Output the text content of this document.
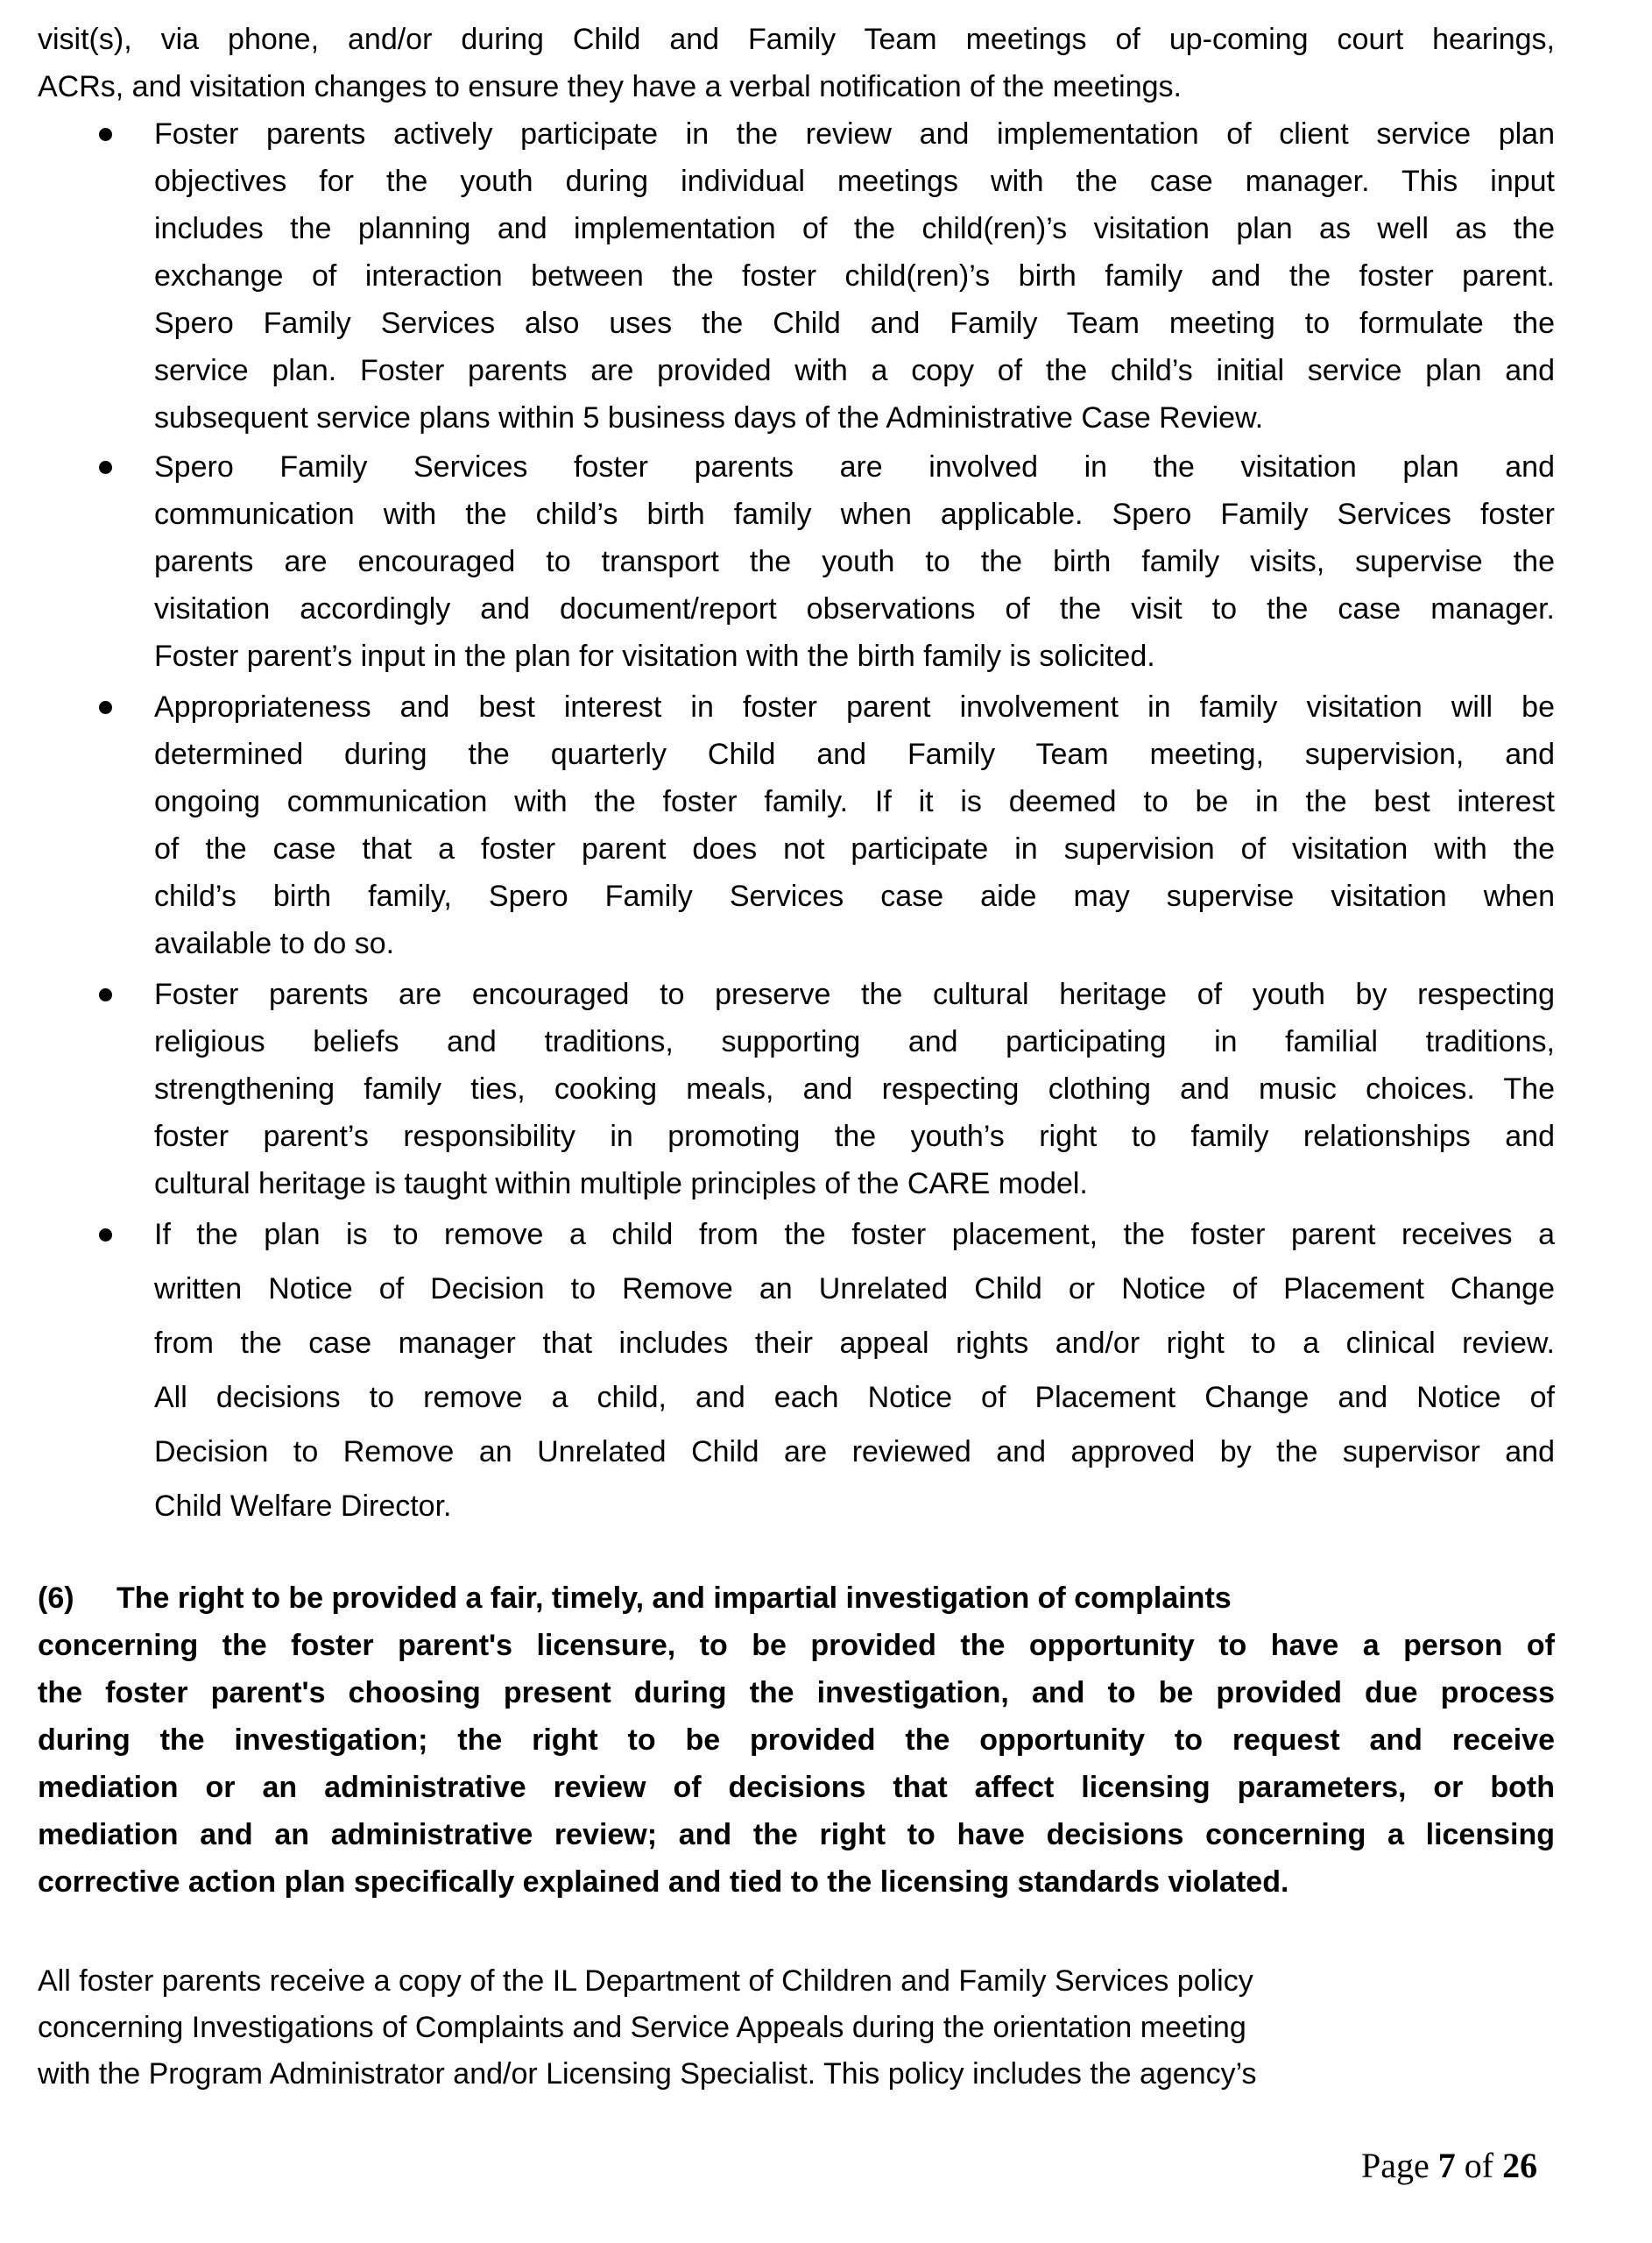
visit(s), via phone, and/or during Child and Family Team meetings of up-coming court hearings,
ACRs, and visitation changes to ensure they have a verbal notification of the meetings.
Foster parents actively participate in the review and implementation of client service plan
objectives for the youth during individual meetings with the case manager. This input
includes the planning and implementation of the child(ren)’s visitation plan as well as the
exchange of interaction between the foster child(ren)’s birth family and the foster parent.
Spero Family Services also uses the Child and Family Team meeting to formulate the
service plan. Foster parents are provided with a copy of the child’s initial service plan and
subsequent service plans within 5 business days of the Administrative Case Review.
Spero Family Services foster parents are involved in the visitation plan and
communication with the child’s birth family when applicable. Spero Family Services foster
parents are encouraged to transport the youth to the birth family visits, supervise the
visitation accordingly and document/report observations of the visit to the case manager.
Foster parent’s input in the plan for visitation with the birth family is solicited.
Appropriateness and best interest in foster parent involvement in family visitation will be
determined during the quarterly Child and Family Team meeting, supervision, and
ongoing communication with the foster family. If it is deemed to be in the best interest
of the case that a foster parent does not participate in supervision of visitation with the
child’s birth family, Spero Family Services case aide may supervise visitation when
available to do so.
Foster parents are encouraged to preserve the cultural heritage of youth by respecting
religious beliefs and traditions, supporting and participating in familial traditions,
strengthening family ties, cooking meals, and respecting clothing and music choices. The
foster parent’s responsibility in promoting the youth’s right to family relationships and
cultural heritage is taught within multiple principles of the CARE model.
If the plan is to remove a child from the foster placement, the foster parent receives a
written Notice of Decision to Remove an Unrelated Child or Notice of Placement Change
from the case manager that includes their appeal rights and/or right to a clinical review.
All decisions to remove a child, and each Notice of Placement Change and Notice of
Decision to Remove an Unrelated Child are reviewed and approved by the supervisor and
Child Welfare Director.
(6)	The right to be provided a fair, timely, and impartial investigation of complaints
concerning the foster parent's licensure, to be provided the opportunity to have a person of
the foster parent's choosing present during the investigation, and to be provided due process
during the investigation; the right to be provided the opportunity to request and receive
mediation or an administrative review of decisions that affect licensing parameters, or both
mediation and an administrative review; and the right to have decisions concerning a licensing
corrective action plan specifically explained and tied to the licensing standards violated.
All foster parents receive a copy of the IL Department of Children and Family Services policy
concerning Investigations of Complaints and Service Appeals during the orientation meeting
with the Program Administrator and/or Licensing Specialist. This policy includes the agency’s
Page 7 of 26
